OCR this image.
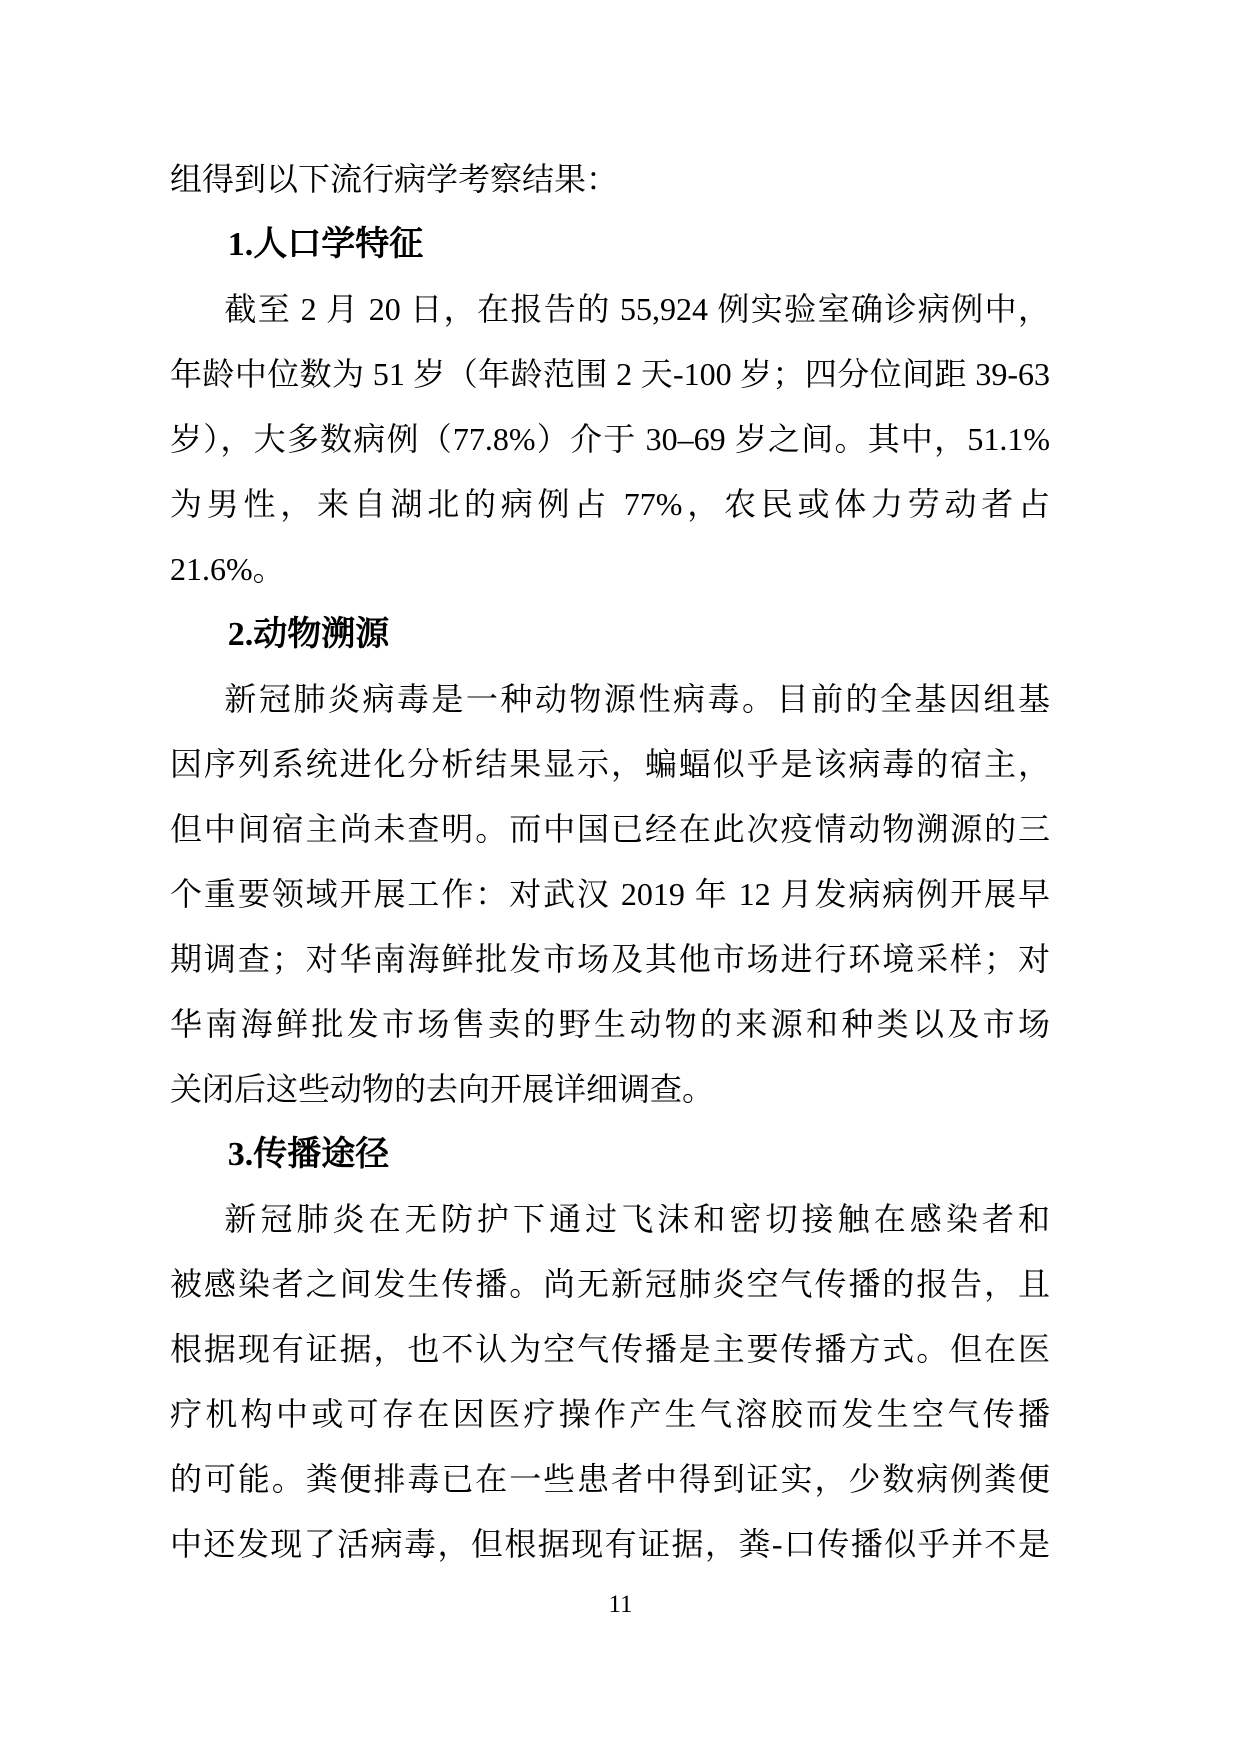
组得到以下流行病学考察结果：
1.人口学特征
截至 2 月 20 日，在报告的 55,924 例实验室确诊病例中，
年龄中位数为 51 岁（年龄范围 2 天-100 岁；四分位间距 39-63
岁），大多数病例（77.8%）介于 30–69 岁之间。其中，51.1%
为男性，来自湖北的病例占 77%，农民或体力劳动者占
21.6%。
2.动物溯源
新冠肺炎病毒是一种动物源性病毒。目前的全基因组基
因序列系统进化分析结果显示，蝙蝠似乎是该病毒的宿主，
但中间宿主尚未查明。而中国已经在此次疫情动物溯源的三
个重要领域开展工作：对武汉 2019 年 12 月发病病例开展早
期调查；对华南海鲜批发市场及其他市场进行环境采样；对
华南海鲜批发市场售卖的野生动物的来源和种类以及市场
关闭后这些动物的去向开展详细调查。
3.传播途径
新冠肺炎在无防护下通过飞沫和密切接触在感染者和
被感染者之间发生传播。尚无新冠肺炎空气传播的报告，且
根据现有证据，也不认为空气传播是主要传播方式。但在医
疗机构中或可存在因医疗操作产生气溶胶而发生空气传播
的可能。粪便排毒已在一些患者中得到证实，少数病例粪便
中还发现了活病毒，但根据现有证据，粪-口传播似乎并不是
11
